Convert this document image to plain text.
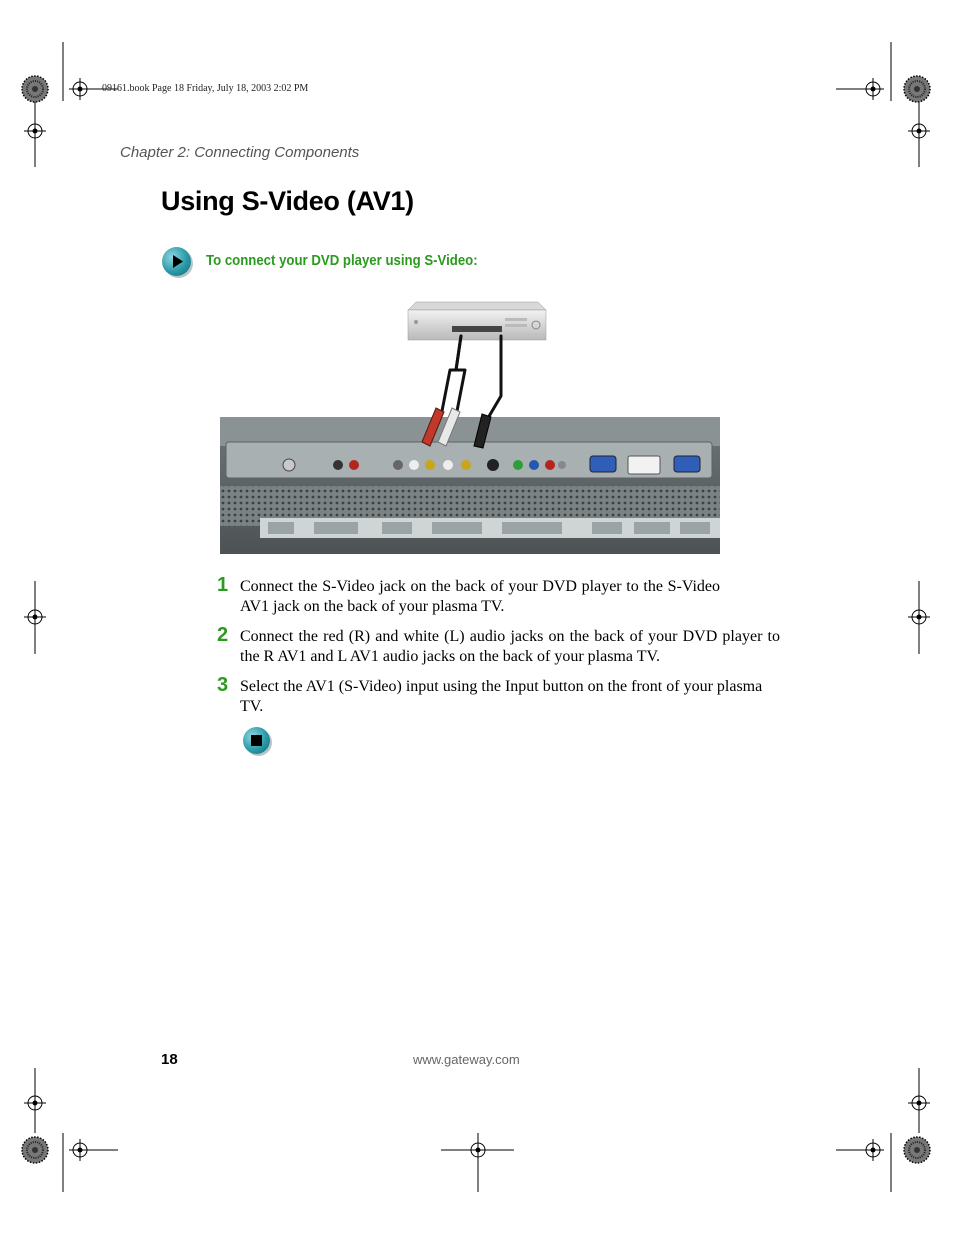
09161.book Page 18 Friday, July 18, 2003 2:02 PM
Chapter 2: Connecting Components
Using S-Video (AV1)
To connect your DVD player using S-Video:
1 Connect the S-Video jack on the back of your DVD player to the S-Video AV1 jack on the back of your plasma TV.
2 Connect the red (R) and white (L) audio jacks on the back of your DVD player to the R AV1 and L AV1 audio jacks on the back of your plasma TV.
3 Select the AV1 (S-Video) input using the Input button on the front of your plasma TV.
18	www.gateway.com
